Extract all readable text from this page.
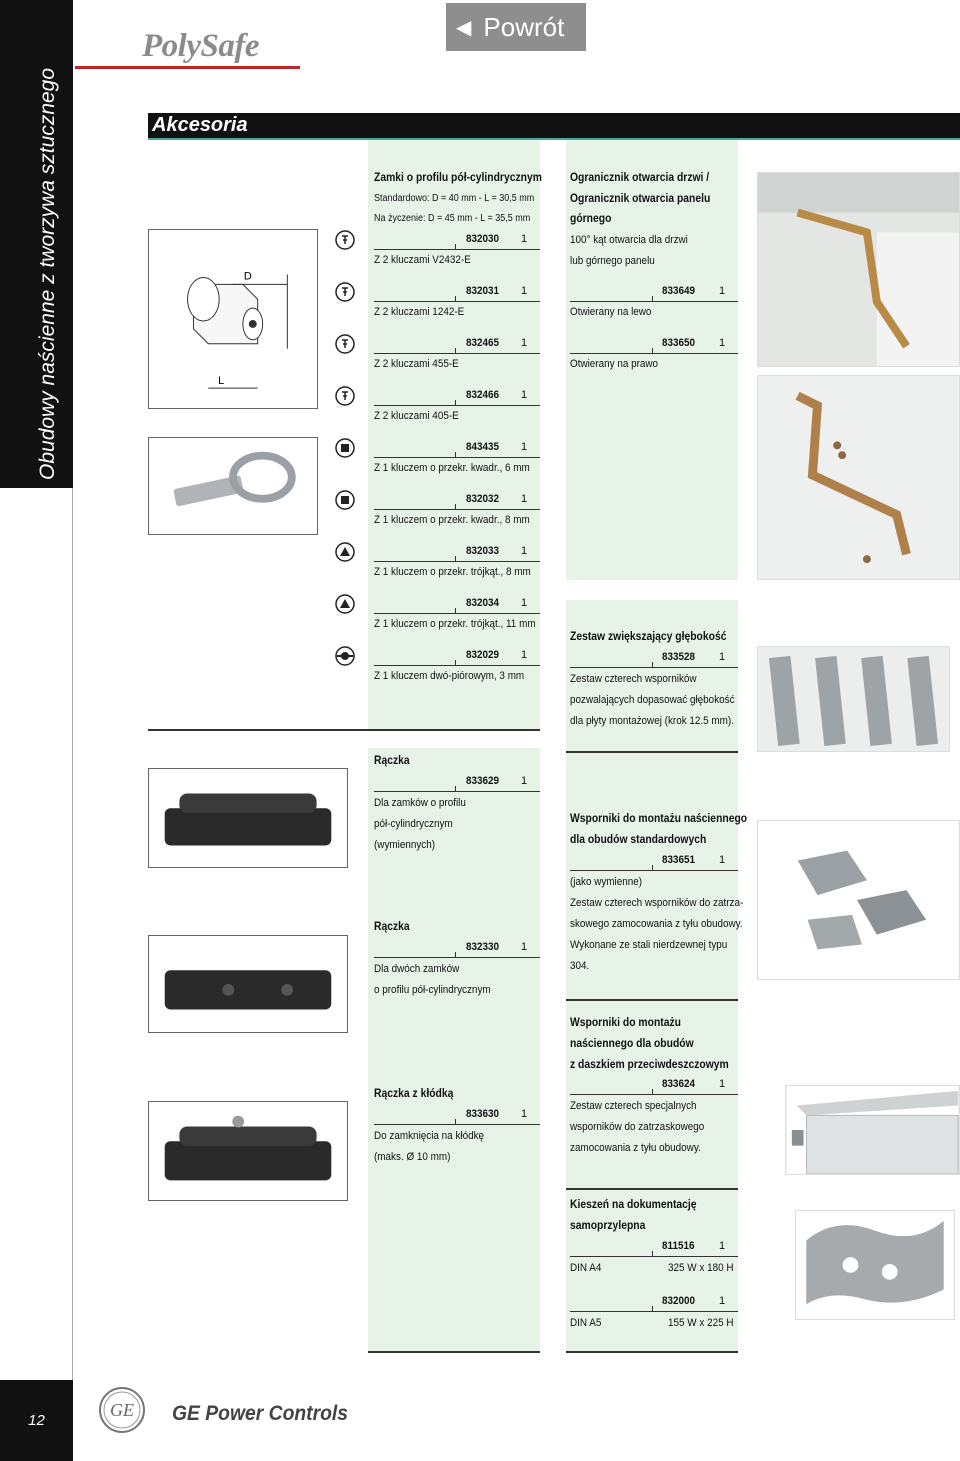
Obudowy naścienne z tworzywa sztucznego
12
PolySafe
◀ Powrót
Akcesoria
Zamki o profilu pół-cylindrycznym
Standardowo: D = 40 mm - L = 30,5 mm
Na życzenie: D = 45 mm - L = 35,5 mm
832030 1
Z 2 kluczami V2432-E
832031 1
Z 2 kluczami 1242-E
832465 1
Z 2 kluczami 455-E
832466 1
Z 2 kluczami 405-E
843435 1
Z 1 kluczem o przekr. kwadr., 6 mm
832032 1
Z 1 kluczem o przekr. kwadr., 8 mm
832033 1
Z 1 kluczem o przekr. trójkąt., 8 mm
832034 1
Z 1 kluczem o przekr. trójkąt., 11 mm
832029 1
Z 1 kluczem dwó-piórowym, 3 mm
D
L
Ogranicznik otwarcia drzwi /
Ogranicznik otwarcia panelu
górnego
100° kąt otwarcia dla drzwi
lub górnego panelu
833649 1
Otwierany na lewo
833650 1
Otwierany na prawo
Zestaw zwiększający głębokość
833528 1
Zestaw czterech wsporników
pozwalających dopasować głębokość
dla płyty montażowej (krok 12.5 mm).
Rączka
833629 1
Dla zamków o profilu
pół-cylindrycznym
(wymiennych)
Rączka
832330 1
Dla dwóch zamków
o profilu pół-cylindrycznym
Rączka z kłódką
833630 1
Do zamknięcia na kłódkę
(maks. Ø 10 mm)
Wsporniki do montażu naściennego
dla obudów standardowych
833651 1
(jako wymienne)
Zestaw czterech wsporników do zatrza-
skowego zamocowania z tyłu obudowy.
Wykonane ze stali nierdzewnej typu
304.
Wsporniki do montażu
naściennego dla obudów
z daszkiem przeciwdeszczowym
833624 1
Zestaw czterech specjalnych
wsporników do zatrzaskowego
zamocowania z tyłu obudowy.
Kieszeń na dokumentację
samoprzylepna
811516	1
DIN A4	325 W x 180 H
832000 1
DIN A5	155 W x 225 H
GE GE Power Controls
